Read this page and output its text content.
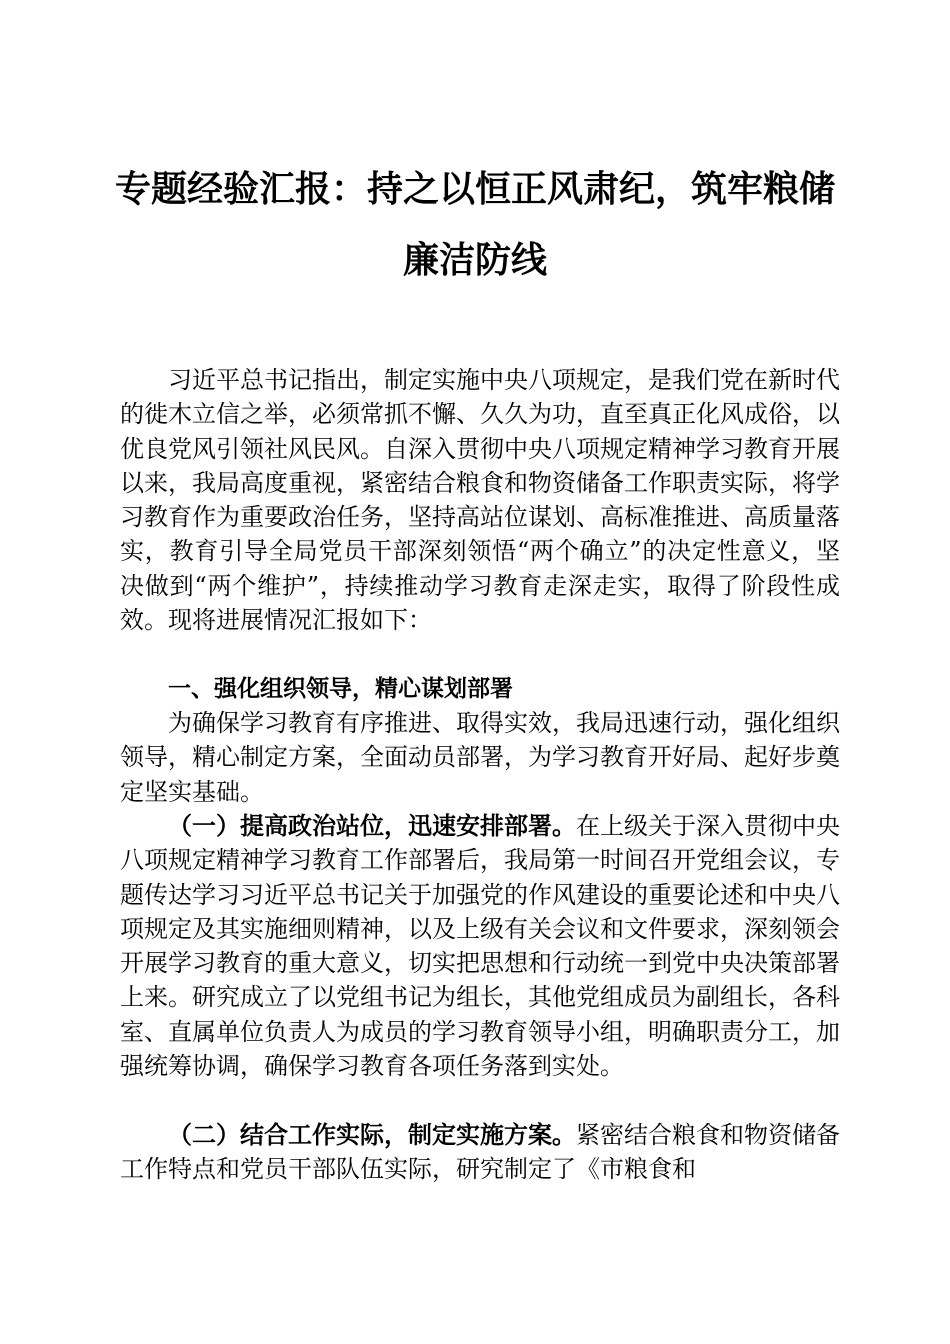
专题经验汇报：持之以恒正风肃纪，筑牢粮储
廉洁防线

习近平总书记指出，制定实施中央八项规定，是我们党在新时代的徙木立信之举，必须常抓不懈、久久为功，直至真正化风成俗，以优良党风引领社风民风。自深入贯彻中央八项规定精神学习教育开展以来，我局高度重视，紧密结合粮食和物资储备工作职责实际，将学习教育作为重要政治任务，坚持高站位谋划、高标准推进、高质量落实，教育引导全局党员干部深刻领悟“两个确立”的决定性意义，坚决做到“两个维护”，持续推动学习教育走深走实，取得了阶段性成效。现将进展情况汇报如下：

一、强化组织领导，精心谋划部署

为确保学习教育有序推进、取得实效，我局迅速行动，强化组织领导，精心制定方案，全面动员部署，为学习教育开好局、起好步奠定坚实基础。

（一）提高政治站位，迅速安排部署。在上级关于深入贯彻中央八项规定精神学习教育工作部署后，我局第一时间召开党组会议，专题传达学习习近平总书记关于加强党的作风建设的重要论述和中央八项规定及其实施细则精神，以及上级有关会议和文件要求，深刻领会开展学习教育的重大意义，切实把思想和行动统一到党中央决策部署上来。研究成立了以党组书记为组长，其他党组成员为副组长，各科室、直属单位负责人为成员的学习教育领导小组，明确职责分工，加强统筹协调，确保学习教育各项任务落到实处。

（二）结合工作实际，制定实施方案。紧密结合粮食和物资储备工作特点和党员干部队伍实际，研究制定了《市粮食和
